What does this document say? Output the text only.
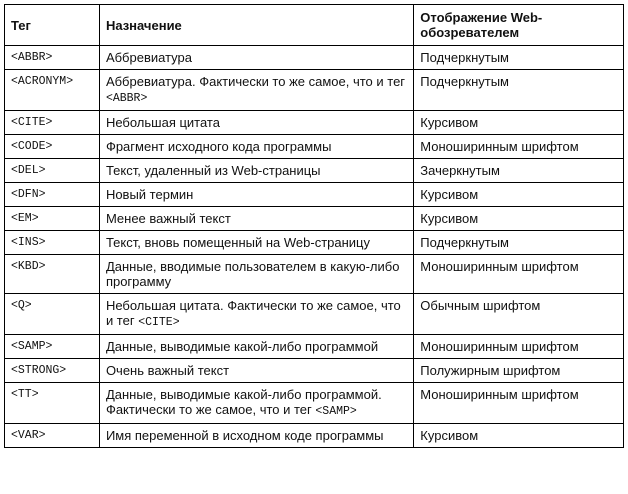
Тег	Назначение	Отображение Web-обозревателем
<ABBR>	Аббревиатура	Подчеркнутым
<ACRONYM>	Аббревиатура. Фактически то же самое, что и тег <ABBR>	Подчеркнутым
<CITE>	Небольшая цитата	Курсивом
<CODE>	Фрагмент исходного кода программы	Моноширинным шрифтом
<DEL>	Текст, удаленный из Web-страницы	Зачеркнутым
<DFN>	Новый термин	Курсивом
<EM>	Менее важный текст	Курсивом
<INS>	Текст, вновь помещенный на Web-страницу	Подчеркнутым
<KBD>	Данные, вводимые пользователем в какую-либо программу	Моноширинным шрифтом
<Q>	Небольшая цитата. Фактически то же самое, что и тег <CITE>	Обычным шрифтом
<SAMP>	Данные, выводимые какой-либо программой	Моноширинным шрифтом
<STRONG>	Очень важный текст	Полужирным шрифтом
<TT>	Данные, выводимые какой-либо программой. Фактически то же самое, что и тег <SAMP>	Моноширинным шрифтом
<VAR>	Имя переменной в исходном коде программы	Курсивом
